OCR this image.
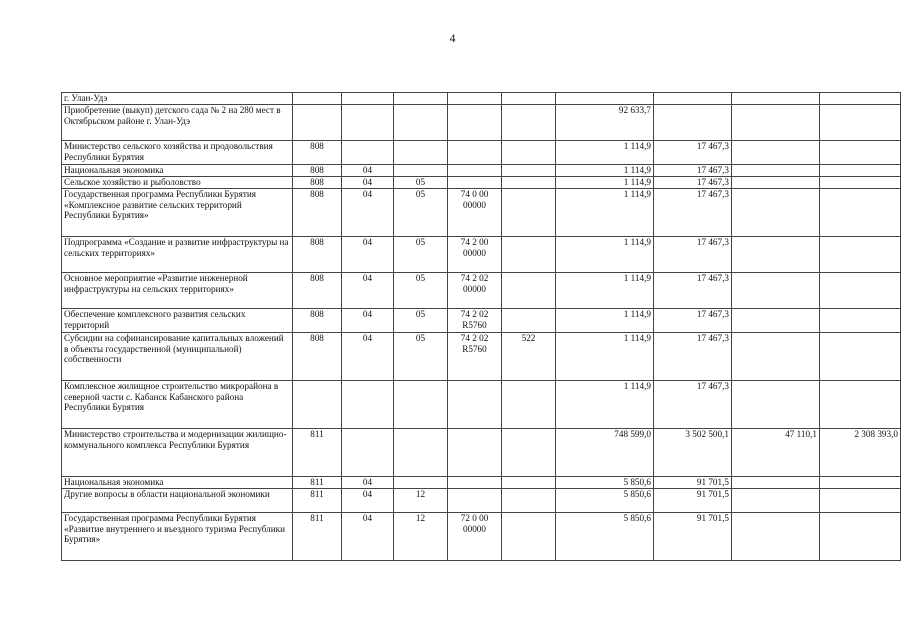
4
г. Улан-Удэ									
Приобретение (выкуп) детского сада № 2 на 280 мест в Октябрьском районе г. Улан-Удэ						92 633,7			
Министерство сельского хозяйства и продовольствия Республики Бурятия	808					1 114,9	17 467,3		
Национальная экономика	808	04				1 114,9	17 467,3		
Сельское хозяйство и рыболовство	808	04	05			1 114,9	17 467,3		
Государственная программа Республики Бурятия «Комплексное развитие сельских территорий Республики Бурятия»	808	04	05	74 0 00 00000		1 114,9	17 467,3		
Подпрограмма «Создание и развитие инфраструктуры на сельских территориях»	808	04	05	74 2 00 00000		1 114,9	17 467,3		
Основное мероприятие «Развитие инженерной инфраструктуры на сельских территориях»	808	04	05	74 2 02 00000		1 114,9	17 467,3		
Обеспечение комплексного развития сельских территорий	808	04	05	74 2 02 R5760		1 114,9	17 467,3		
Субсидии на софинансирование капитальных вложений в объекты государственной (муниципальной) собственности	808	04	05	74 2 02 R5760	522	1 114,9	17 467,3		
Комплексное жилищное строительство микрорайона в северной части с. Кабанск Кабанского района Республики Бурятия						1 114,9	17 467,3		
Министерство строительства и модернизации жилищно-коммунального комплекса Республики Бурятия	811					748 599,0	3 502 500,1	47 110,1	2 308 393,0
Национальная экономика	811	04				5 850,6	91 701,5		
Другие вопросы в области национальной экономики	811	04	12			5 850,6	91 701,5		
Государственная программа Республики Бурятия «Развитие внутреннего и въездного туризма Республики Бурятия»	811	04	12	72 0 00 00000		5 850,6	91 701,5		
